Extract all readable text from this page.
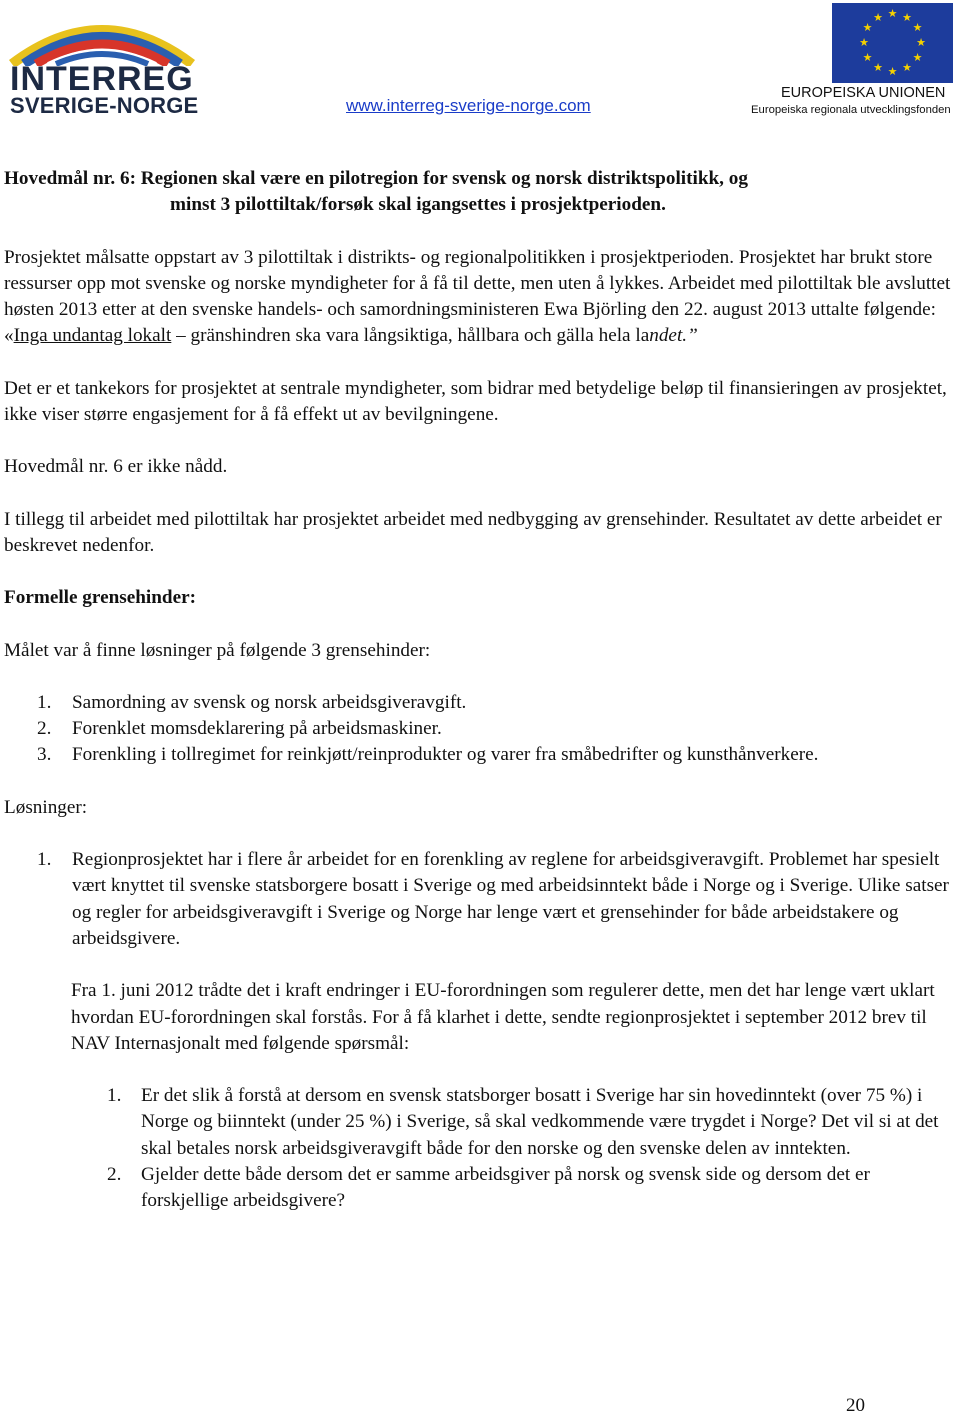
INTERREG
SVERIGE-NORGE	www.interreg-sverige-norge.com
★ ★
★
★
★
★
★
★
★
★
★
★
EUROPEISKA UNIONEN
Europeiska regionala utvecklingsfonden
Hovedmål nr. 6: Regionen skal være en pilotregion for svensk og norsk distriktspolitikk, og
minst 3 pilottiltak/forsøk skal igangsettes i prosjektperioden.

Prosjektet målsatte oppstart av 3 pilottiltak i distrikts- og regionalpolitikken i prosjektperioden. Prosjektet har brukt store ressurser opp mot svenske og norske myndigheter for å få til dette, men uten å lykkes. Arbeidet med pilottiltak ble avsluttet høsten 2013 etter at den svenske handels- och samordningsministeren Ewa Björling den 22. august 2013 uttalte følgende: «Inga undantag lokalt – gränshindren ska vara långsiktiga, hållbara och gälla hela landet.”

Det er et tankekors for prosjektet at sentrale myndigheter, som bidrar med betydelige beløp til finansieringen av prosjektet, ikke viser større engasjement for å få effekt ut av bevilgningene.

Hovedmål nr. 6 er ikke nådd.

I tillegg til arbeidet med pilottiltak har prosjektet arbeidet med nedbygging av grensehinder. Resultatet av dette arbeidet er beskrevet nedenfor.

Formelle grensehinder:

Målet var å finne løsninger på følgende 3 grensehinder:

1. Samordning av svensk og norsk arbeidsgiveravgift.
2. Forenklet momsdeklarering på arbeidsmaskiner.
3. Forenkling i tollregimet for reinkjøtt/reinprodukter og varer fra småbedrifter og kunsthånverkere.

Løsninger:

1. Regionprosjektet har i flere år arbeidet for en forenkling av reglene for arbeidsgiveravgift. Problemet har spesielt vært knyttet til svenske statsborgere bosatt i Sverige og med arbeidsinntekt både i Norge og i Sverige. Ulike satser og regler for arbeidsgiveravgift i Sverige og Norge har lenge vært et grensehinder for både arbeidstakere og arbeidsgivere.

Fra 1. juni 2012 trådte det i kraft endringer i EU-forordningen som regulerer dette, men det har lenge vært uklart hvordan EU-forordningen skal forstås. For å få klarhet i dette, sendte regionprosjektet i september 2012 brev til NAV Internasjonalt med følgende spørsmål:

1. Er det slik å forstå at dersom en svensk statsborger bosatt i Sverige har sin hovedinntekt (over 75 %) i Norge og biinntekt (under 25 %) i Sverige, så skal vedkommende være trygdet i Norge? Det vil si at det skal betales norsk arbeidsgiveravgift både for den norske og den svenske delen av inntekten.
2. Gjelder dette både dersom det er samme arbeidsgiver på norsk og svensk side og dersom det er forskjellige arbeidsgivere?
20
